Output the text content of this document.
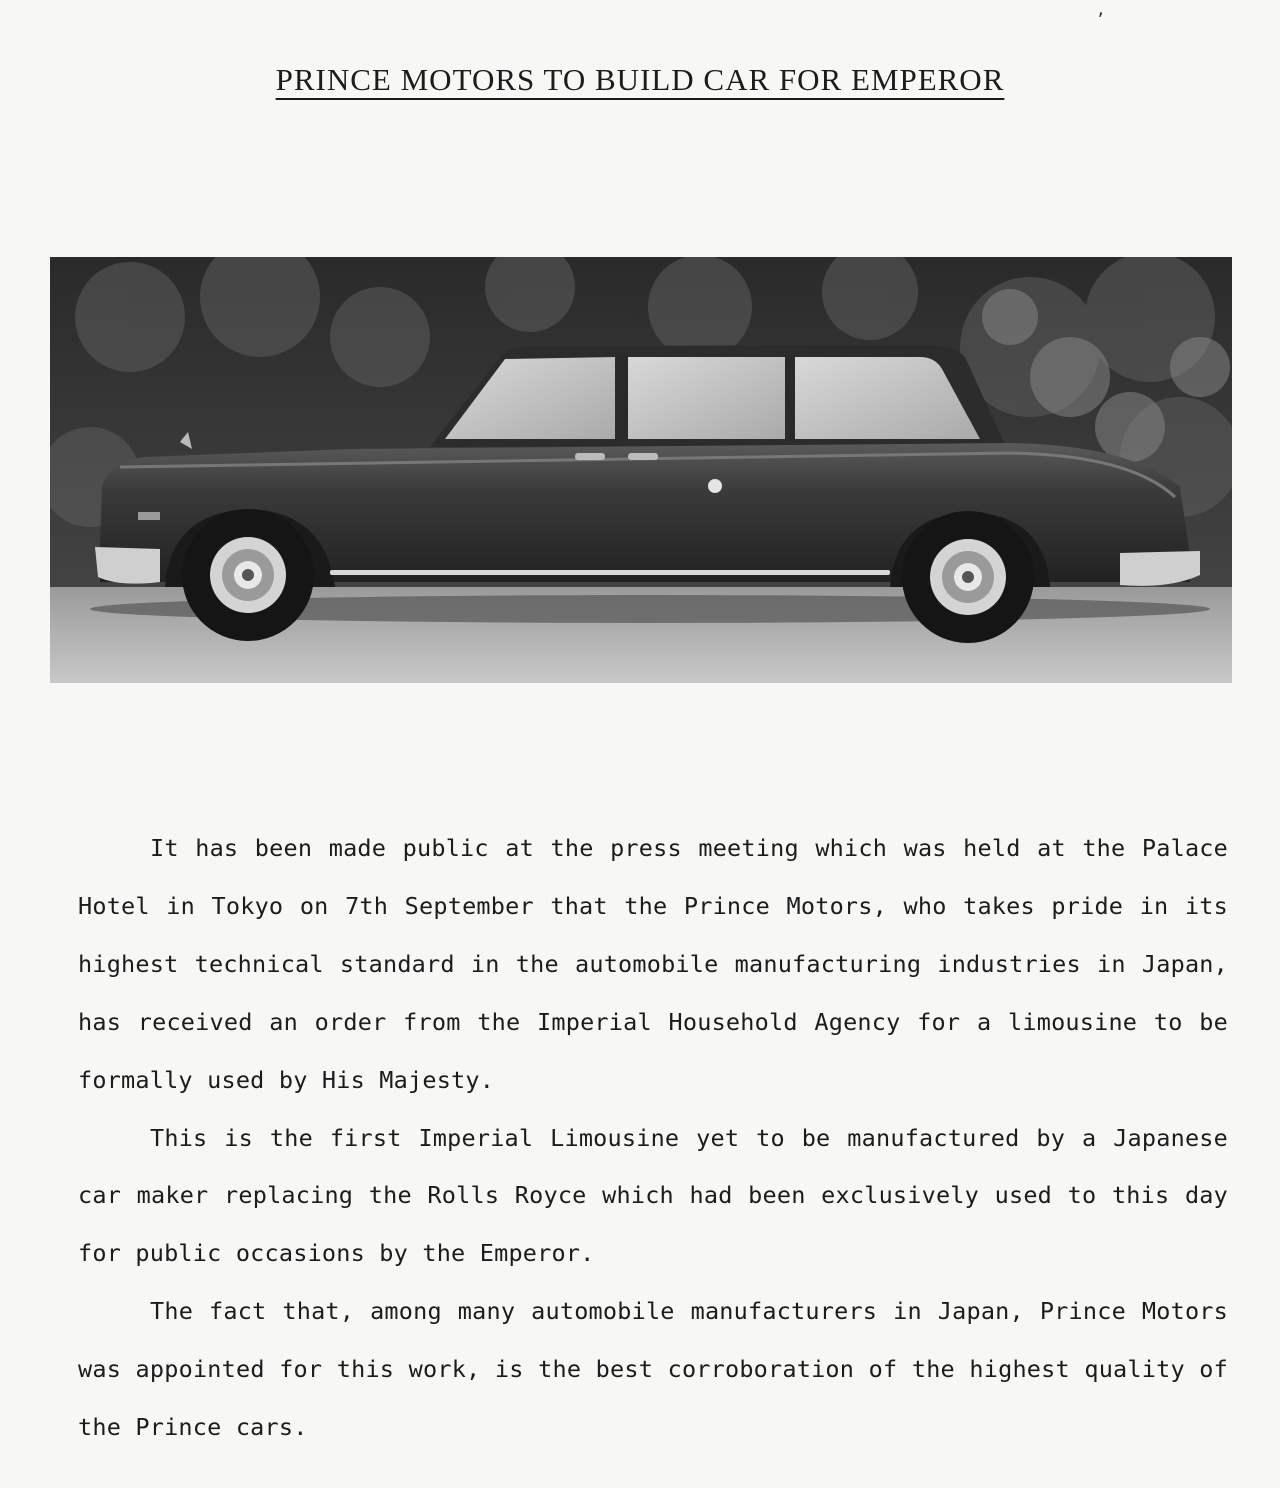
,
PRINCE MOTORS TO BUILD CAR FOR EMPEROR

It has been made public at the press meeting which was held at the Palace Hotel in Tokyo on 7th September that the Prince Motors, who takes pride in its highest technical standard in the automobile manufacturing industries in Japan, has received an order from the Imperial Household Agency for a limousine to be formally used by His Majesty.

This is the first Imperial Limousine yet to be manufactured by a Japanese car maker replacing the Rolls Royce which had been exclusively used to this day for public occasions by the Emperor.

The fact that, among many automobile manufacturers in Japan, Prince Motors was appointed for this work, is the best corroboration of the highest quality of the Prince cars.
